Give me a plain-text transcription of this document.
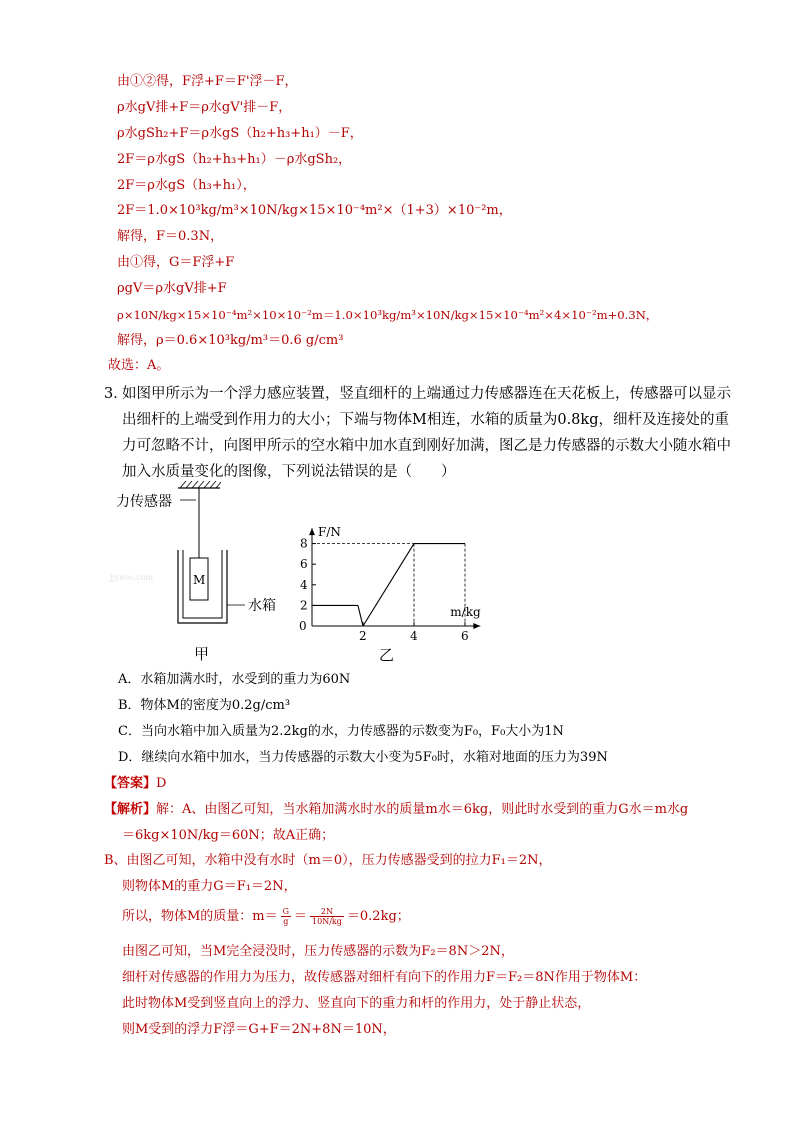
由①②得，F浮+F＝F'浮－F，
ρ水gV排+F＝ρ水gV'排－F，
ρ水gSh₂+F＝ρ水gS（h₂+h₃+h₁）－F，
2F＝ρ水gS（h₂+h₃+h₁）－ρ水gSh₂，
2F＝ρ水gS（h₃+h₁），
2F＝1.0×10³kg/m³×10N/kg×15×10⁻⁴m²×（1+3）×10⁻²m，
解得，F＝0.3N，
由①得，G＝F浮+F
ρgV＝ρ水gV排+F
ρ×10N/kg×15×10⁻⁴m²×10×10⁻²m＝1.0×10³kg/m³×10N/kg×15×10⁻⁴m²×4×10⁻²m+0.3N，
解得，ρ＝0.6×10³kg/m³＝0.6 g/cm³
故选：A。
3．
如图甲所示为一个浮力感应装置，竖直细杆的上端通过力传感器连在天花板上，传感器可以显示
出细杆的上端受到作用力的大小；下端与物体M相连，水箱的质量为0.8kg，细杆及连接处的重
力可忽略不计，向图甲所示的空水箱中加水直到刚好加满，图乙是力传感器的示数大小随水箱中
加入水质量变化的图像，下列说法错误的是（　　）
力传感器
M
水箱
jjyeoo.com
甲
F/N
m/kg
0
2	4	6
2
4
6
8
乙
A．水箱加满水时，水受到的重力为60N
B．物体M的密度为0.2g/cm³
C．当向水箱中加入质量为2.2kg的水，力传感器的示数变为F₀，F₀大小为1N
D．继续向水箱中加水，当力传感器的示数大小变为5F₀时，水箱对地面的压力为39N
【答案】D
【解析】解：A、由图乙可知，当水箱加满水时水的质量m水＝6kg，则此时水受到的重力G水＝m水g
＝6kg×10N/kg＝60N；故A正确；
B、由图乙可知，水箱中没有水时（m＝0），压力传感器受到的拉力F₁＝2N，
则物体M的重力G＝F₁＝2N，
所以，物体M的质量：$m= \frac{G}{g} = \frac{2N}{10N/kg} =0.2kg$；
由图乙可知，当M完全浸没时，压力传感器的示数为F₂＝8N＞2N，
细杆对传感器的作用力为压力，故传感器对细杆有向下的作用力F＝F₂＝8N作用于物体M：
此时物体M受到竖直向上的浮力、竖直向下的重力和杆的作用力，处于静止状态，
则M受到的浮力F浮＝G+F＝2N+8N＝10N，
